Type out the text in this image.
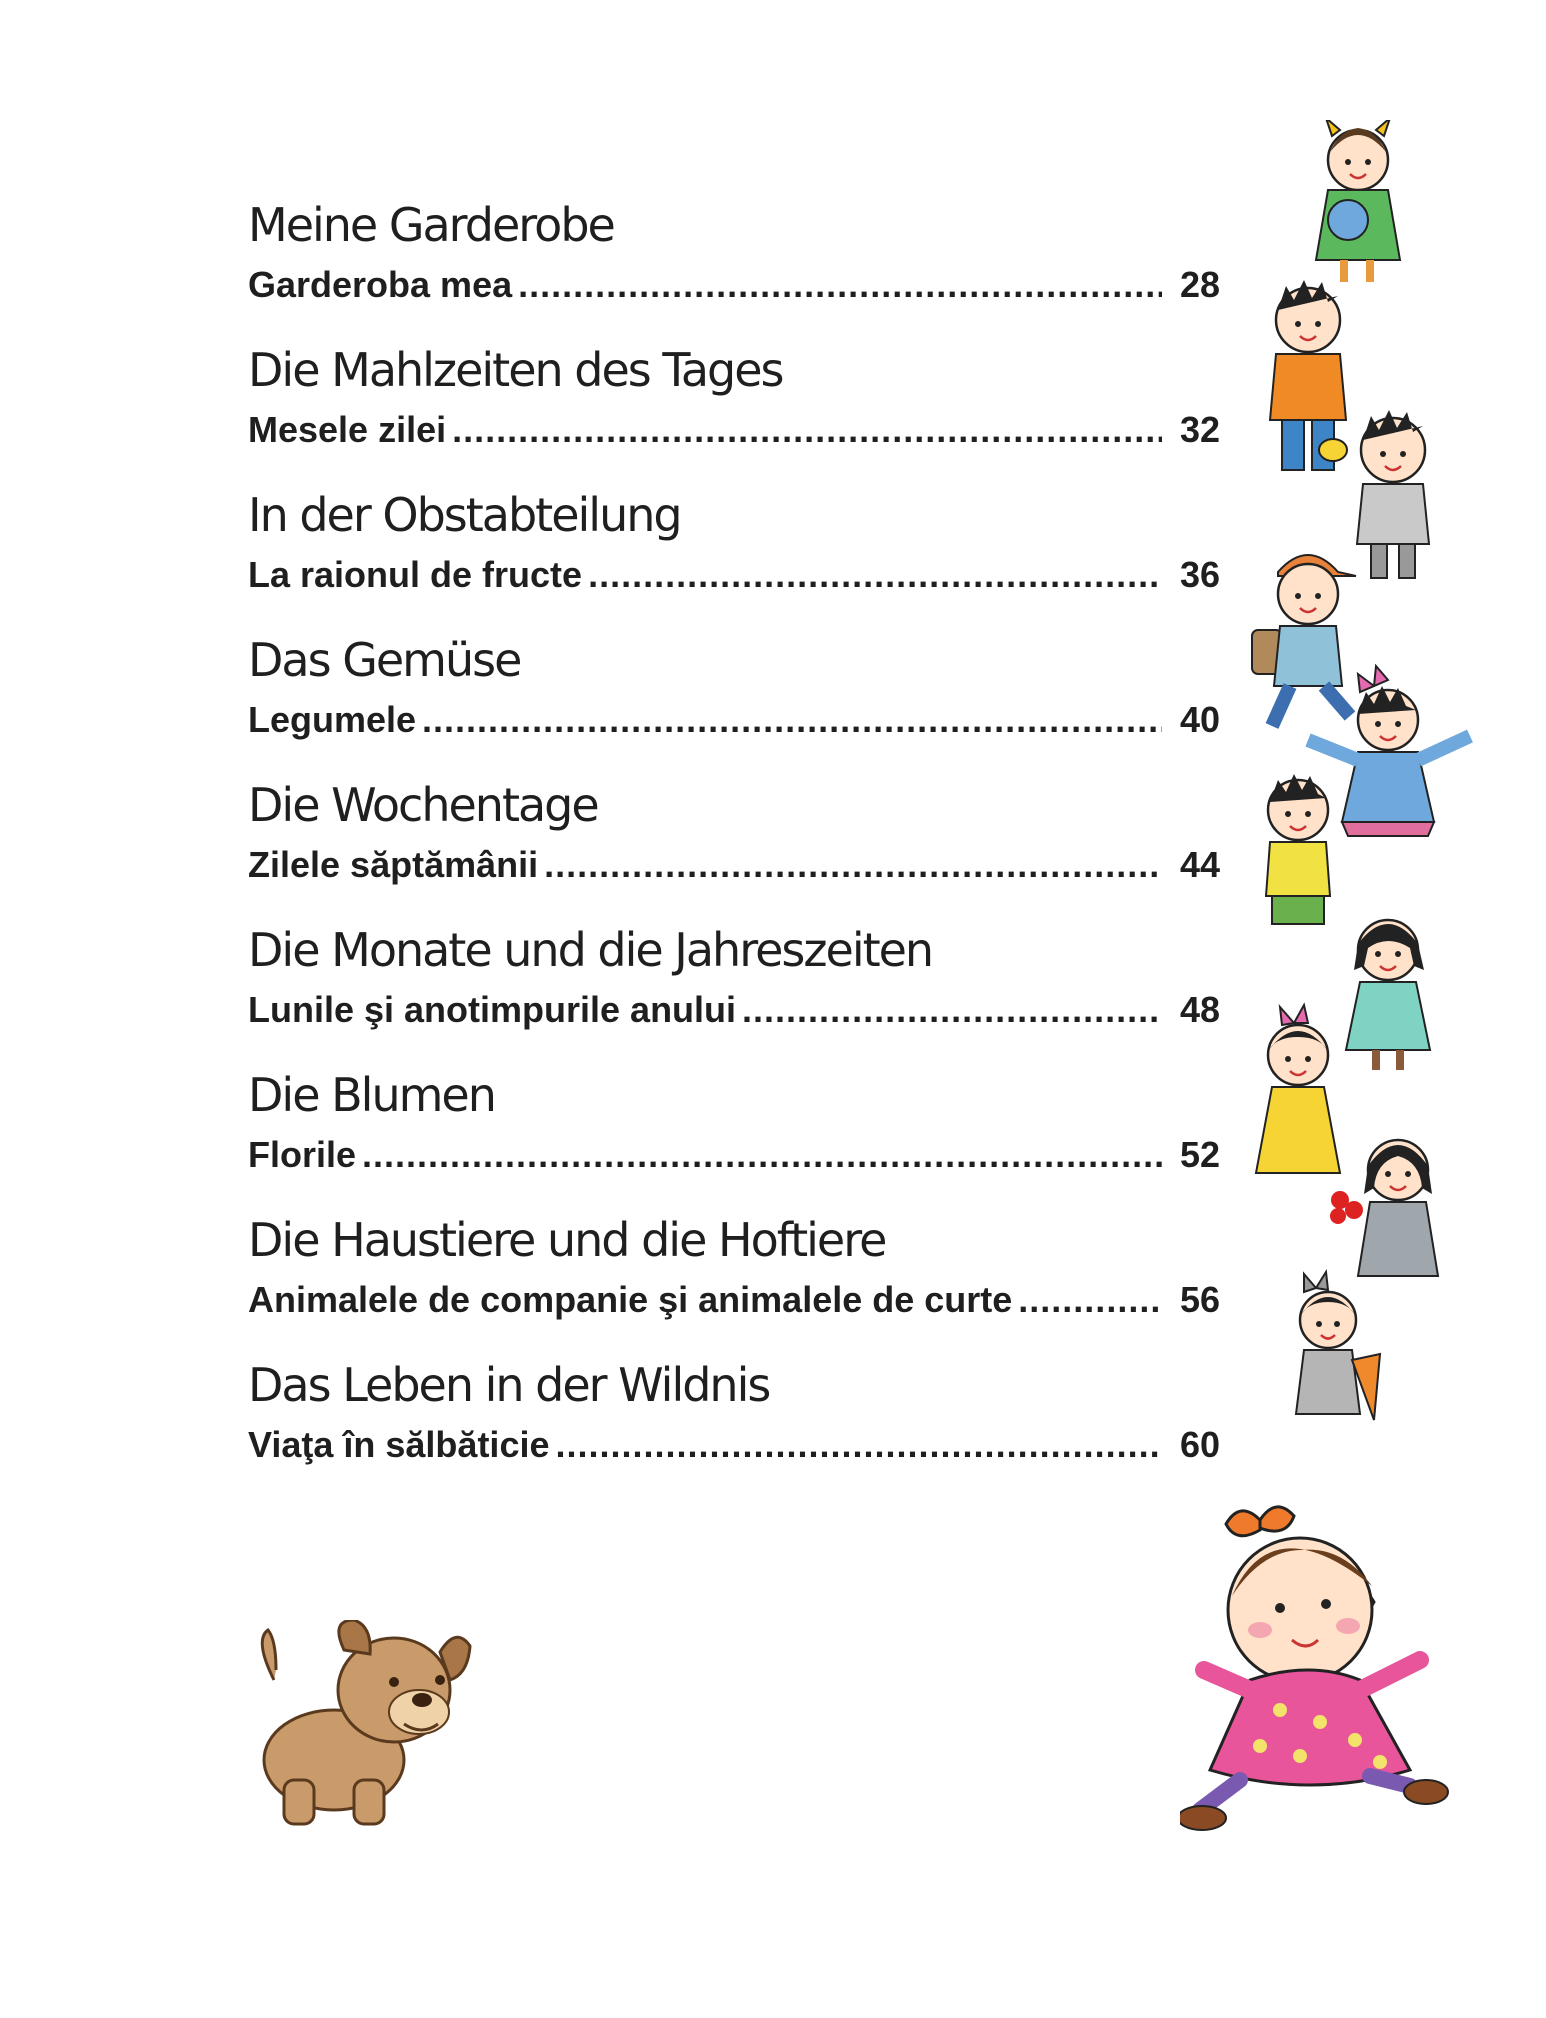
Meine Garderobe
Garderoba mea .....	28
Die Mahlzeiten des Tages
Mesele zilei .....	32
In der Obstabteilung
La raionul de fructe .....	36
Das Gemüse
Legumele .....	40
Die Wochentage
Zilele săptămânii .....	44
Die Monate und die Jahreszeiten
Lunile şi anotimpurile anului .....	48
Die Blumen
Florile .....	52
Die Haustiere und die Hoftiere
Animalele de companie şi animalele de curte .....	56
Das Leben in der Wildnis
Viaţa în sălbăticie .....	60
